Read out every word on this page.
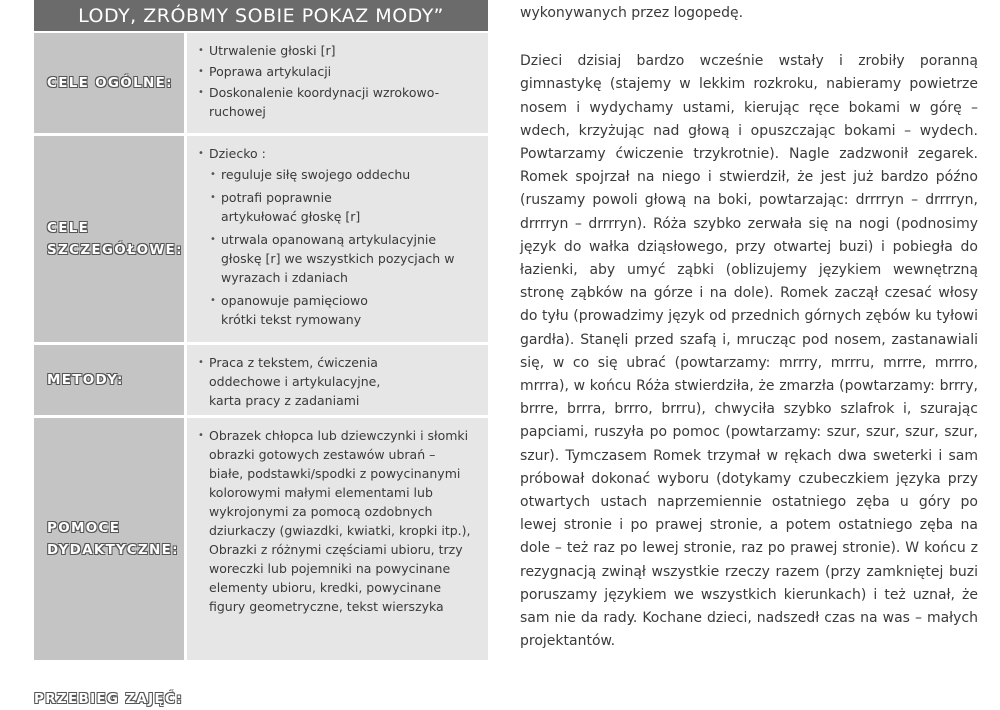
LODY, ZRÓBMY SOBIE POKAZ MODY”
CELE OGÓLNE:
• Utrwalenie głoski [r]
• Poprawa artykulacji
• Doskonalenie koordynacji wzrokowo-ruchowej
CELE SZCZEGÓŁOWE:
• Dziecko :
• reguluje siłę swojego oddechu
• potrafi poprawnie artykułować głoskę [r]
• utrwala opanowaną artykulacyjnie głoskę [r] we wszystkich pozycjach w wyrazach i zdaniach
• opanowuje pamięciowo krótki tekst rymowany
METODY:
• Praca z tekstem, ćwiczenia oddechowe i artykulacyjne, karta pracy z zadaniami
POMOCE DYDAKTYCZNE:
• Obrazek chłopca lub dziewczynki i słomki obrazki gotowych zestawów ubrań – białe, podstawki/spodki z powycinanymi kolorowymi małymi elementami lub wykrojonymi za pomocą ozdobnych dziurkaczy (gwiazdki, kwiatki, kropki itp.), Obrazki z różnymi częściami ubioru, trzy woreczki lub pojemniki na powycinane elementy ubioru, kredki, powycinane figury geometryczne, tekst wierszyka
PRZEBIEG ZAJĘĆ:

wykonywanych przez logopedę.

Dzieci dzisiaj bardzo wcześnie wstały i zrobiły poranną gimnastykę (stajemy w lekkim rozkroku, nabieramy powietrze nosem i wydychamy ustami, kierując ręce bokami w górę – wdech, krzyżując nad głową i opuszczając bokami – wydech. Powtarzamy ćwiczenie trzykrotnie). Nagle zadzwonił zegarek. Romek spojrzał na niego i stwierdził, że jest już bardzo późno (ruszamy powoli głową na boki, powtarzając: drrrryn – drrrryn, drrrryn – drrrryn). Róża szybko zerwała się na nogi (podnosimy język do wałka dziąsłowego, przy otwartej buzi) i pobiegła do łazienki, aby umyć ząbki (oblizujemy językiem wewnętrzną stronę ząbków na górze i na dole). Romek zaczął czesać włosy do tyłu (prowadzimy język od przednich górnych zębów ku tyłowi gardła). Stanęli przed szafą i, mrucząc pod nosem, zastanawiali się, w co się ubrać (powtarzamy: mrrry, mrrru, mrrre, mrrro, mrrra), w końcu Róża stwierdziła, że zmarzła (powtarzamy: brrry, brrre, brrra, brrro, brrru), chwyciła szybko szlafrok i, szurając papciami, ruszyła po pomoc (powtarzamy: szur, szur, szur, szur, szur). Tymczasem Romek trzymał w rękach dwa sweterki i sam próbował dokonać wyboru (dotykamy czubeczkiem języka przy otwartych ustach naprzemiennie ostatniego zęba u góry po lewej stronie i po prawej stronie, a potem ostatniego zęba na dole – też raz po lewej stronie, raz po prawej stronie). W końcu z rezygnacją zwinął wszystkie rzeczy razem (przy zamkniętej buzi poruszamy językiem we wszystkich kierunkach) i też uznał, że sam nie da rady. Kochane dzieci, nadszedł czas na was – małych projektantów.
